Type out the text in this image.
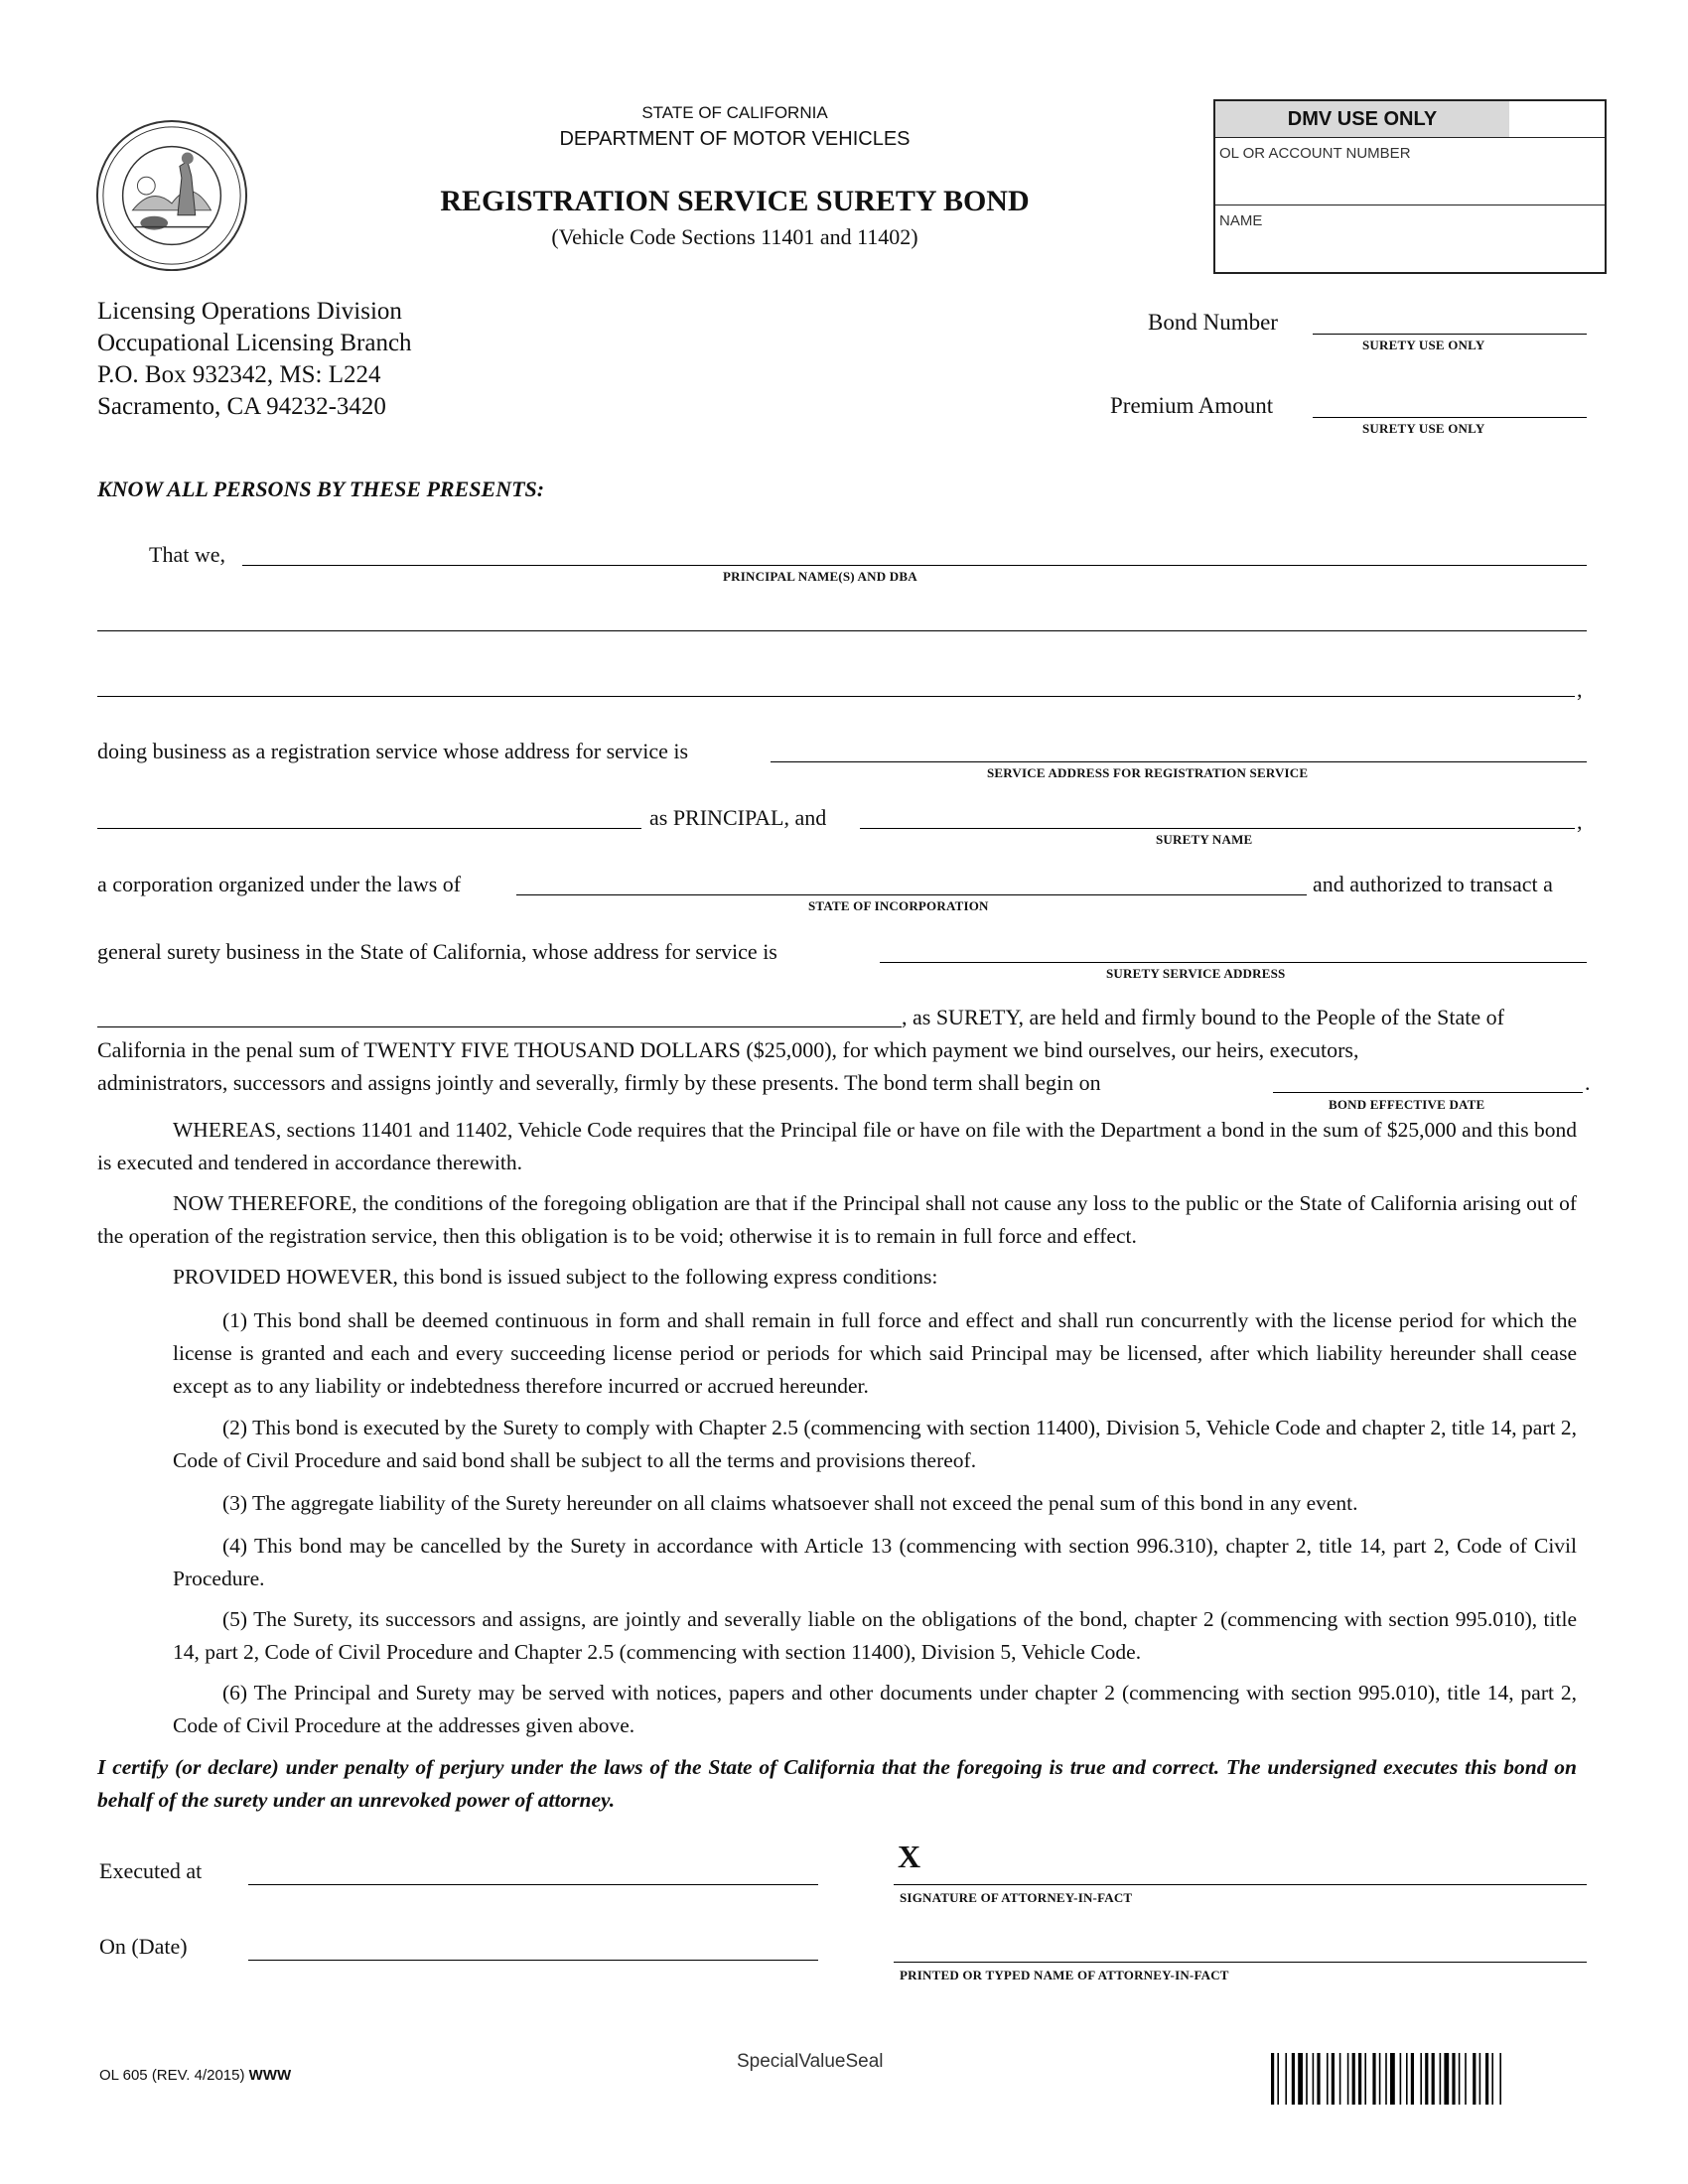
STATE OF CALIFORNIA
DEPARTMENT OF MOTOR VEHICLES
REGISTRATION SERVICE SURETY BOND
(Vehicle Code Sections 11401 and 11402)
DMV USE ONLY
OL OR ACCOUNT NUMBER
NAME
Licensing Operations Division
Occupational Licensing Branch
P.O. Box 932342, MS: L224
Sacramento, CA 94232-3420
Bond Number
SURETY USE ONLY
Premium Amount
SURETY USE ONLY
KNOW ALL PERSONS BY THESE PRESENTS:
That we,
PRINCIPAL NAME(S) AND DBA
,
doing business as a registration service whose address for service is
SERVICE ADDRESS FOR REGISTRATION SERVICE
as PRINCIPAL, and	,
SURETY NAME
a corporation organized under the laws of
STATE OF INCORPORATION
and authorized to transact a
general surety business in the State of California, whose address for service is
SURETY SERVICE ADDRESS
, as SURETY, are held and firmly bound to the People of the State of
California in the penal sum of TWENTY FIVE THOUSAND DOLLARS ($25,000), for which payment we bind ourselves, our heirs, executors,
administrators, successors and assigns jointly and severally, firmly by these presents. The bond term shall begin on	.
BOND EFFECTIVE DATE
WHEREAS, sections 11401 and 11402, Vehicle Code requires that the Principal file or have on file with the Department a bond in the sum of $25,000 and this bond is executed and tendered in accordance therewith.
NOW THEREFORE, the conditions of the foregoing obligation are that if the Principal shall not cause any loss to the public or the State of California arising out of the operation of the registration service, then this obligation is to be void; otherwise it is to remain in full force and effect.
PROVIDED HOWEVER, this bond is issued subject to the following express conditions:
(1) This bond shall be deemed continuous in form and shall remain in full force and effect and shall run concurrently with the license period for which the license is granted and each and every succeeding license period or periods for which said Principal may be licensed, after which liability hereunder shall cease except as to any liability or indebtedness therefore incurred or accrued hereunder.
(2) This bond is executed by the Surety to comply with Chapter 2.5 (commencing with section 11400), Division 5, Vehicle Code and chapter 2, title 14, part 2, Code of Civil Procedure and said bond shall be subject to all the terms and provisions thereof.
(3) The aggregate liability of the Surety hereunder on all claims whatsoever shall not exceed the penal sum of this bond in any event.
(4) This bond may be cancelled by the Surety in accordance with Article 13 (commencing with section 996.310), chapter 2, title 14, part 2, Code of Civil Procedure.
(5) The Surety, its successors and assigns, are jointly and severally liable on the obligations of the bond, chapter 2 (commencing with section 995.010), title 14, part 2, Code of Civil Procedure and Chapter 2.5 (commencing with section 11400), Division 5, Vehicle Code.
(6) The Principal and Surety may be served with notices, papers and other documents under chapter 2 (commencing with section 995.010), title 14, part 2, Code of Civil Procedure at the addresses given above.
I certify (or declare) under penalty of perjury under the laws of the State of California that the foregoing is true and correct. The undersigned executes this bond on behalf of the surety under an unrevoked power of attorney.
Executed at
On (Date)
X
SIGNATURE OF ATTORNEY-IN-FACT
PRINTED OR TYPED NAME OF ATTORNEY-IN-FACT
OL 605 (REV. 4/2015) WWW
SpecialValueSeal
